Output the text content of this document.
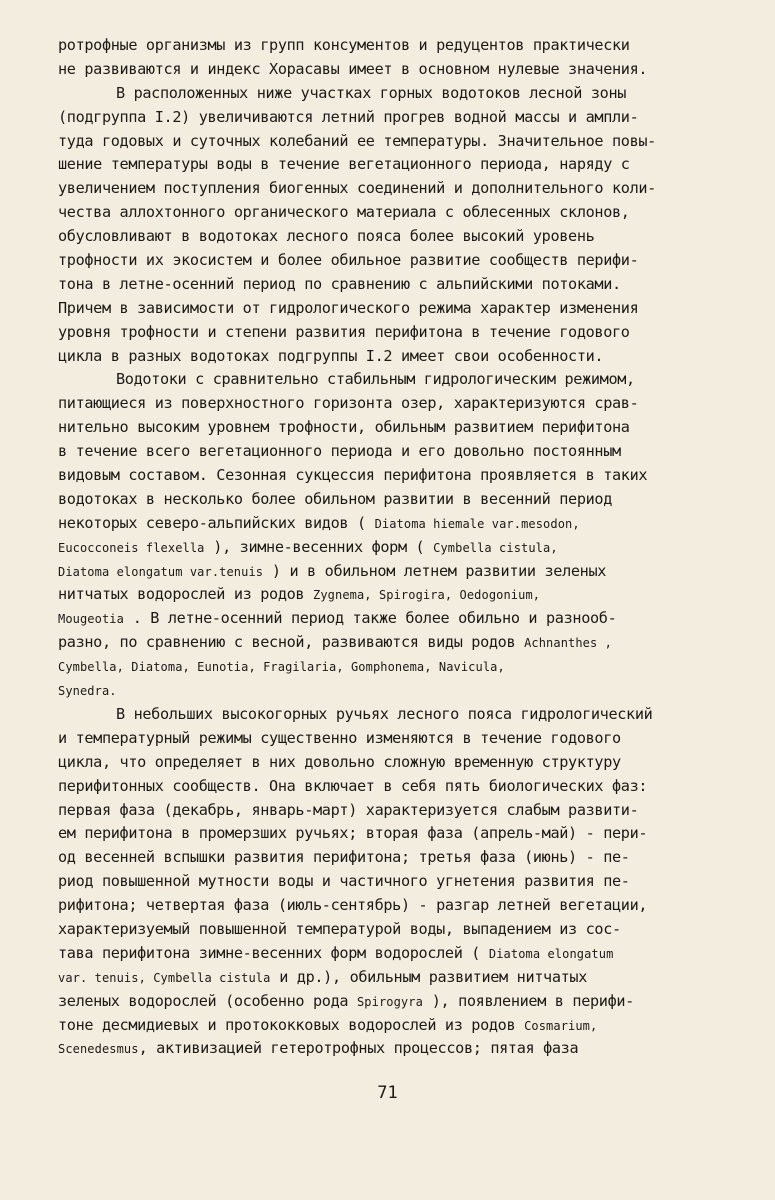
ротрофные организмы из групп консументов и редуцентов практически
не развиваются и индекс Хорасавы имеет в основном нулевые значения.
В расположенных ниже участках горных водотоков лесной зоны
(подгруппа I.2) увеличиваются летний прогрев водной массы и ампли-
туда годовых и суточных колебаний ее температуры. Значительное повы-
шение температуры воды в течение вегетационного периода, наряду с
увеличением поступления биогенных соединений и дополнительного коли-
чества аллохтонного органического материала с облесенных склонов,
обусловливают в водотоках лесного пояса более высокий уровень
трофности их экосистем и более обильное развитие сообществ перифи-
тона в летне-осенний период по сравнению с альпийскими потоками.
Причем в зависимости от гидрологического режима характер изменения
уровня трофности и степени развития перифитона в течение годового
цикла в разных водотоках подгруппы I.2 имеет свои особенности.
Водотоки с сравнительно стабильным гидрологическим режимом,
питающиеся из поверхностного горизонта озер, характеризуются срав-
нительно высоким уровнем трофности, обильным развитием перифитона
в течение всего вегетационного периода и его довольно постоянным
видовым составом. Сезонная сукцессия перифитона проявляется в таких
водотоках в несколько более обильном развитии в весенний период
некоторых северо-альпийских видов ( Diatoma hiemale var.mesodon,
Eucocconeis flexella ), зимне-весенних форм ( Cymbella cistula,
Diatoma elongatum var.tenuis ) и в обильном летнем развитии зеленых
нитчатых водорослей из родов Zygnema, Spirogira, Oedogonium,
Mougeotia . В летне-осенний период также более обильно и разнооб-
разно, по сравнению с весной, развиваются виды родов Achnanthes ,
Cymbella, Diatoma, Eunotia, Fragilaria, Gomphonema, Navicula,
Synedra.
В небольших высокогорных ручьях лесного пояса гидрологический
и температурный режимы существенно изменяются в течение годового
цикла, что определяет в них довольно сложную временную структуру
перифитонных сообществ. Она включает в себя пять биологических фаз:
первая фаза (декабрь, январь-март) характеризуется слабым развити-
ем перифитона в промерзших ручьях; вторая фаза (апрель-май) - пери-
од весенней вспышки развития перифитона; третья фаза (июнь) - пе-
риод повышенной мутности воды и частичного угнетения развития пе-
рифитона; четвертая фаза (июль-сентябрь) - разгар летней вегетации,
характеризуемый повышенной температурой воды, выпадением из сос-
тава перифитона зимне-весенних форм водорослей ( Diatoma elongatum
var. tenuis, Cymbella cistula и др.), обильным развитием нитчатых
зеленых водорослей (особенно рода Spirogyra ), появлением в перифи-
тоне десмидиевых и протококковых водорослей из родов Cosmarium,
Scenedesmus, активизацией гетеротрофных процессов; пятая фаза
71
